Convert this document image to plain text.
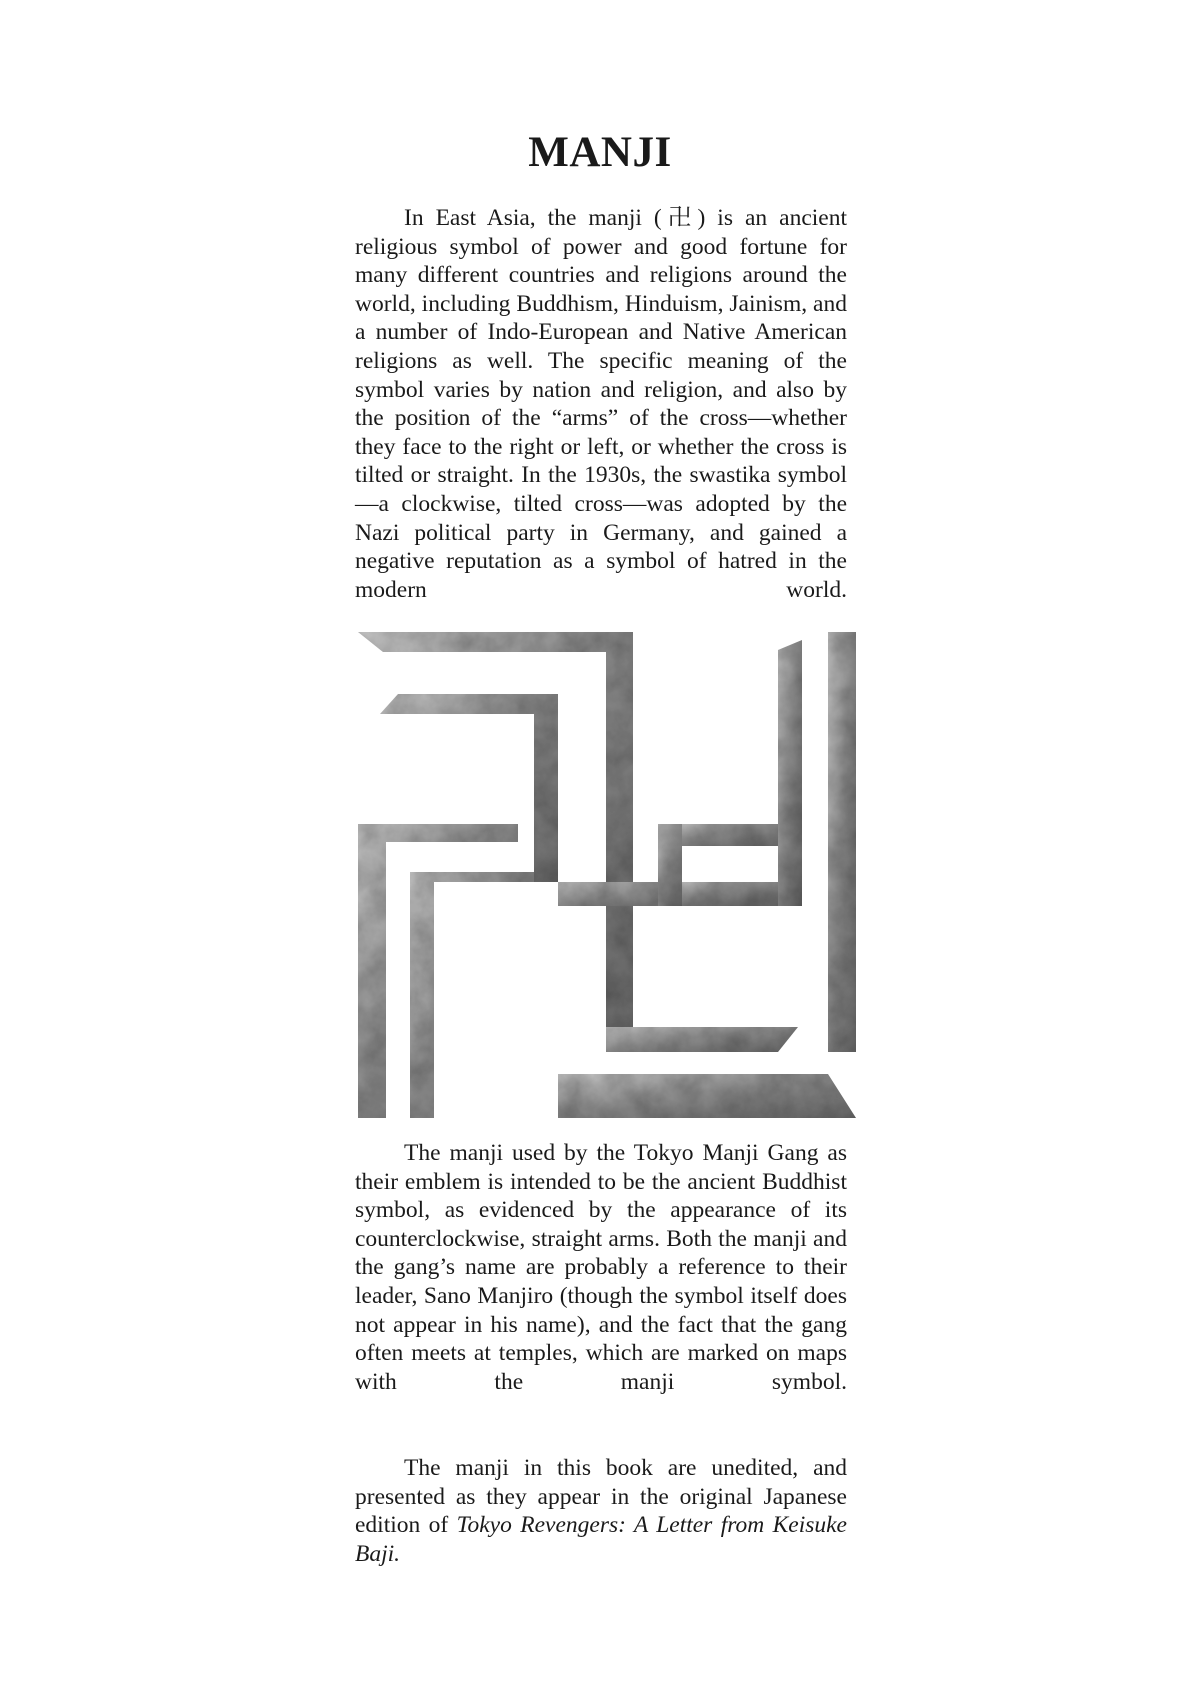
MANJI

In East Asia, the manji (卍) is an ancient religious symbol of power and good fortune for many different countries and religions around the world, including Buddhism, Hinduism, Jainism, and a number of Indo-European and Native American religions as well. The specific meaning of the symbol varies by nation and religion, and also by the position of the “arms” of the cross—whether they face to the right or left, or whether the cross is tilted or straight. In the 1930s, the swastika symbol—a clockwise, tilted cross—was adopted by the Nazi political party in Germany, and gained a negative reputation as a symbol of hatred in the modern world.

The manji used by the Tokyo Manji Gang as their emblem is intended to be the ancient Buddhist symbol, as evidenced by the appearance of its counterclockwise, straight arms. Both the manji and the gang’s name are probably a reference to their leader, Sano Manjiro (though the symbol itself does not appear in his name), and the fact that the gang often meets at temples, which are marked on maps with the manji symbol.

The manji in this book are unedited, and presented as they appear in the original Japanese edition of Tokyo Revengers: A Letter from Keisuke Baji.
